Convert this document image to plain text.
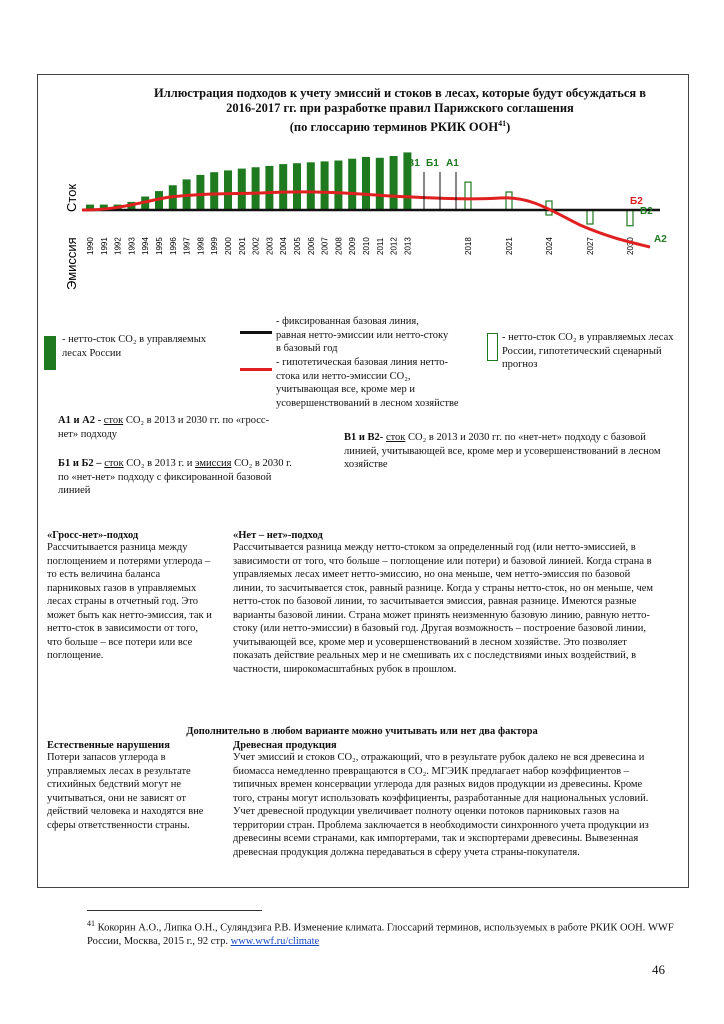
Иллюстрация подходов к учету эмиссий и стоков в лесах, которые будут обсуждаться в
2016-2017 гг. при разработке правил Парижского соглашения
(по глоссарию терминов РКИК ООН$^{41}$)
Сток
Эмиссия 1990 1991 1992 1993 1994 1995 1996 1997 1998 1999 2000 2001 2002 2003 2004 2005 2006 2007 2008 2009 2010 2011 2012 2013	2018	2021	2024	2027	2030
В1 Б1 А1
Б2
В2
А2
- нетто-сток CO₂ в управляемых лесах России
- фиксированная базовая линия, равная нетто-эмиссии или нетто-стоку в базовый год
- гипотетическая базовая линия нетто-стока или нетто-эмиссии CO₂, учитывающая все, кроме мер и усовершенствований в лесном хозяйстве
- нетто-сток CO₂ в управляемых лесах России, гипотетический сценарный прогноз
А1 и А2 - сток CO₂ в 2013 и 2030 гг. по «гросс-нет» подходу
Б1 и Б2 – сток CO₂ в 2013 г. и эмиссия CO₂ в 2030 г. по «нет-нет» подходу с фиксированной базовой линией
В1 и В2- сток CO₂ в 2013 и 2030 гг. по «нет-нет» подходу с базовой линией, учитывающей все, кроме мер и усовершенствований в лесном хозяйстве
«Гросс-нет»-подход

Рассчитывается разница между поглощением и потерями углерода – то есть величина баланса парниковых газов в управляемых лесах страны в отчетный год. Это может быть как нетто-эмиссия, так и нетто-сток в зависимости от того, что больше – все потери или все поглощение.

«Нет – нет»-подход

Рассчитывается разница между нетто-стоком за определенный год (или нетто-эмиссией, в зависимости от того, что больше – поглощение или потери) и базовой линией. Когда страна в управляемых лесах имеет нетто-эмиссию, но она меньше, чем нетто-эмиссия по базовой линии, то засчитывается сток, равный разнице. Когда у страны нетто-сток, но он меньше, чем нетто-сток по базовой линии, то засчитывается эмиссия, равная разнице. Имеются разные варианты базовой линии. Страна может принять неизменную базовую линию, равную нетто-стоку (или нетто-эмиссии) в базовый год. Другая возможность – построение базовой линии, учитывающей все, кроме мер и усовершенствований в лесном хозяйстве. Это позволяет показать действие реальных мер и не смешивать их с последствиями иных воздействий, в частности, широкомасштабных рубок в прошлом.

Дополнительно в любом варианте можно учитывать или нет два фактора
Естественные нарушения

Потери запасов углерода в управляемых лесах в результате стихийных бедствий могут не учитываться, они не зависят от действий человека и находятся вне сферы ответственности страны.

Древесная продукция

Учет эмиссий и стоков CO₂, отражающий, что в результате рубок далеко не вся древесина и биомасса немедленно превращаются в CO₂. МГЭИК предлагает набор коэффициентов – типичных времен консервации углерода для разных видов продукции из древесины. Кроме того, страны могут использовать коэффициенты, разработанные для национальных условий. Учет древесной продукции увеличивает полноту оценки потоков парниковых газов на территории стран. Проблема заключается в необходимости синхронного учета продукции из древесины всеми странами, как импортерами, так и экспортерами древесины. Вывезенная древесная продукция должна передаваться в сферу учета страны-покупателя.

$^{41}$ Кокорин А.О., Липка О.Н., Суляндзига Р.В. Изменение климата. Глоссарий терминов, используемых в работе РКИК ООН. WWF России, Москва, 2015 г., 92 стр. www.wwf.ru/climate
46
